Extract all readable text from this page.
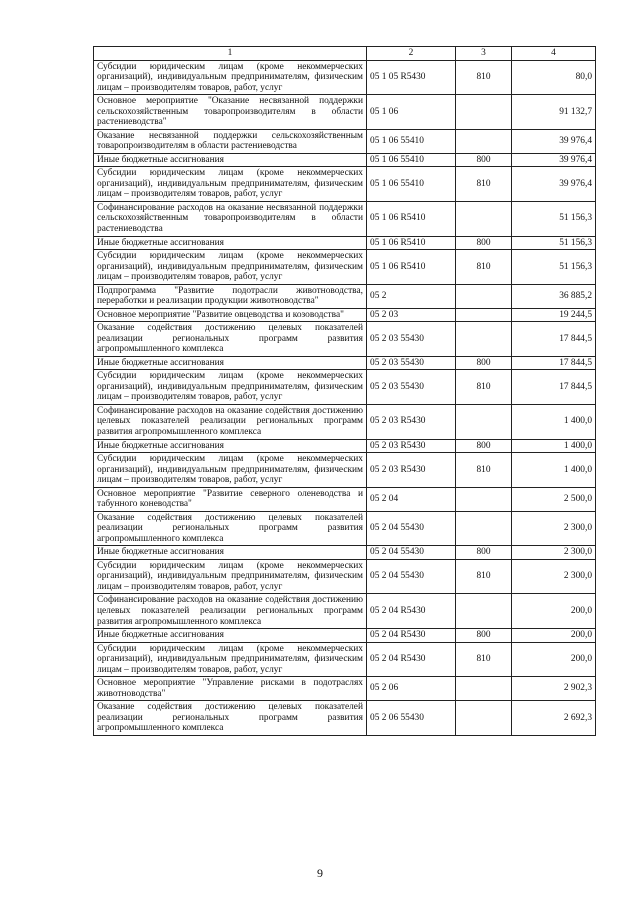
1	2	3	4
Субсидии юридическим лицам (кроме некоммерческих организаций), индивидуальным предпринимателям, физическим лицам – производителям товаров, работ, услуг	05 1 05 R5430	810	80,0
Основное мероприятие "Оказание несвязанной поддержки сельскохозяйственным товаропроизводителям в области растениеводства"	05 1 06		91 132,7
Оказание несвязанной поддержки сельскохозяйственным товаропроизводителям в области растениеводства	05 1 06 55410		39 976,4
Иные бюджетные ассигнования	05 1 06 55410	800	39 976,4
Субсидии юридическим лицам (кроме некоммерческих организаций), индивидуальным предпринимателям, физическим лицам – производителям товаров, работ, услуг	05 1 06 55410	810	39 976,4
Софинансирование расходов на оказание несвязанной поддержки сельскохозяйственным товаропроизводителям в области растениеводства	05 1 06 R5410		51 156,3
Иные бюджетные ассигнования	05 1 06 R5410	800	51 156,3
Субсидии юридическим лицам (кроме некоммерческих организаций), индивидуальным предпринимателям, физическим лицам – производителям товаров, работ, услуг	05 1 06 R5410	810	51 156,3
Подпрограмма "Развитие подотрасли животноводства, переработки и реализации продукции животноводства"	05 2		36 885,2
Основное мероприятие "Развитие овцеводства и козоводства"	05 2 03		19 244,5
Оказание содействия достижению целевых показателей реализации региональных программ развития агропромышленного комплекса	05 2 03 55430		17 844,5
Иные бюджетные ассигнования	05 2 03 55430	800	17 844,5
Субсидии юридическим лицам (кроме некоммерческих организаций), индивидуальным предпринимателям, физическим лицам – производителям товаров, работ, услуг	05 2 03 55430	810	17 844,5
Софинансирование расходов на оказание содействия достижению целевых показателей реализации региональных программ развития агропромышленного комплекса	05 2 03 R5430		1 400,0
Иные бюджетные ассигнования	05 2 03 R5430	800	1 400,0
Субсидии юридическим лицам (кроме некоммерческих организаций), индивидуальным предпринимателям, физическим лицам – производителям товаров, работ, услуг	05 2 03 R5430	810	1 400,0
Основное мероприятие "Развитие северного оленеводства и табунного коневодства"	05 2 04		2 500,0
Оказание содействия достижению целевых показателей реализации региональных программ развития агропромышленного комплекса	05 2 04 55430		2 300,0
Иные бюджетные ассигнования	05 2 04 55430	800	2 300,0
Субсидии юридическим лицам (кроме некоммерческих организаций), индивидуальным предпринимателям, физическим лицам – производителям товаров, работ, услуг	05 2 04 55430	810	2 300,0
Софинансирование расходов на оказание содействия достижению целевых показателей реализации региональных программ развития агропромышленного комплекса	05 2 04 R5430		200,0
Иные бюджетные ассигнования	05 2 04 R5430	800	200,0
Субсидии юридическим лицам (кроме некоммерческих организаций), индивидуальным предпринимателям, физическим лицам – производителям товаров, работ, услуг	05 2 04 R5430	810	200,0
Основное мероприятие "Управление рисками в подотраслях животноводства"	05 2 06		2 902,3
Оказание содействия достижению целевых показателей реализации региональных программ развития агропромышленного комплекса	05 2 06 55430		2 692,3
9
